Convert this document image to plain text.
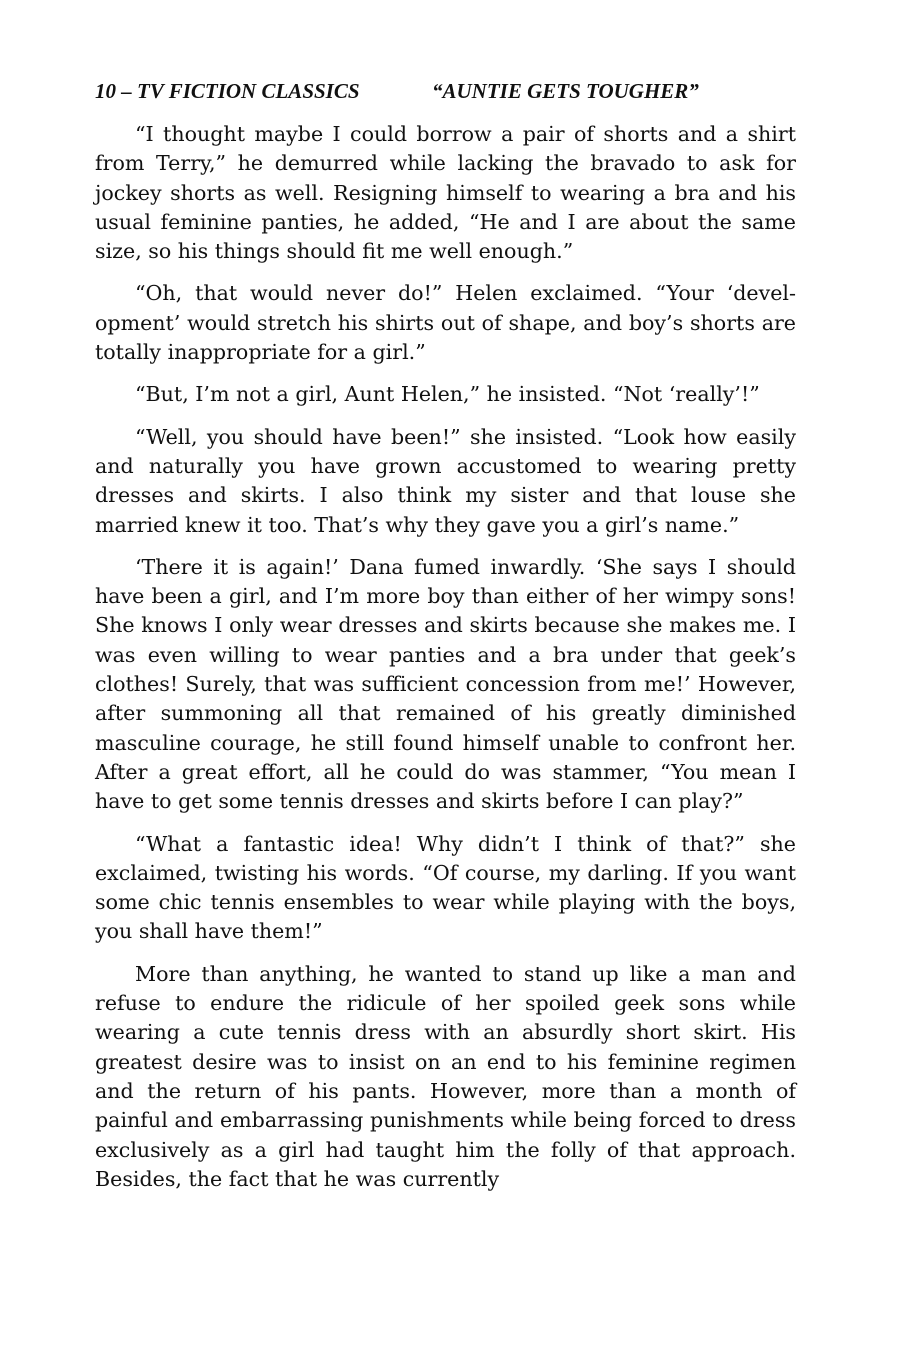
10 – TV FICTION CLASSICS	“AUNTIE GETS TOUGHER”

“I thought maybe I could borrow a pair of shorts and a shirt from Terry,” he demurred while lacking the bravado to ask for jockey shorts as well. Resigning himself to wearing a bra and his usual feminine panties, he added, “He and I are about the same size, so his things should fit me well enough.”

“Oh, that would never do!” Helen exclaimed. “Your ‘development’ would stretch his shirts out of shape, and boy’s shorts are totally inappropriate for a girl.”

“But, I’m not a girl, Aunt Helen,” he insisted. “Not ‘really’!”

“Well, you should have been!” she insisted. “Look how easily and naturally you have grown accustomed to wearing pretty dresses and skirts. I also think my sister and that louse she married knew it too. That’s why they gave you a girl’s name.”

‘There it is again!’ Dana fumed inwardly. ‘She says I should have been a girl, and I’m more boy than either of her wimpy sons! She knows I only wear dresses and skirts because she makes me. I was even willing to wear panties and a bra under that geek’s clothes! Surely, that was sufficient concession from me!’ However, after summoning all that remained of his greatly diminished masculine courage, he still found himself unable to confront her. After a great effort, all he could do was stammer, “You mean I have to get some tennis dresses and skirts before I can play?”

“What a fantastic idea! Why didn’t I think of that?” she exclaimed, twisting his words. “Of course, my darling. If you want some chic tennis ensembles to wear while playing with the boys, you shall have them!”

More than anything, he wanted to stand up like a man and refuse to endure the ridicule of her spoiled geek sons while wearing a cute tennis dress with an absurdly short skirt. His greatest desire was to insist on an end to his feminine regimen and the return of his pants. However, more than a month of painful and embarrassing punishments while being forced to dress exclusively as a girl had taught him the folly of that approach. Besides, the fact that he was currently
